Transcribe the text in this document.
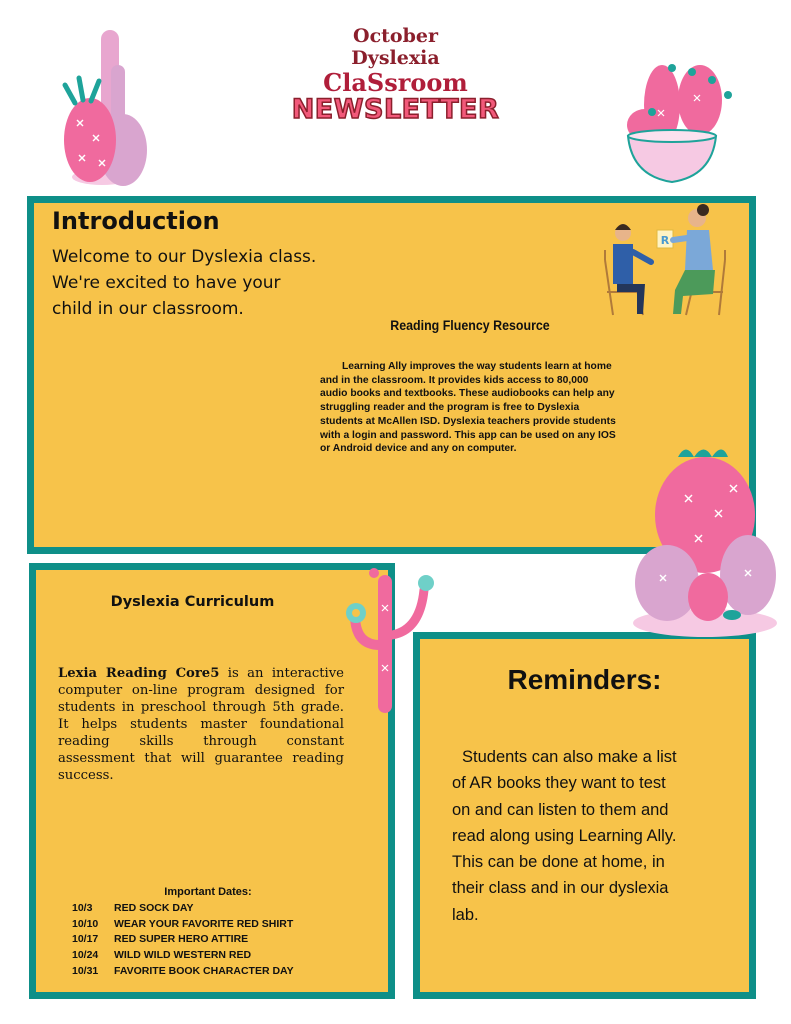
October
Dyslexia
ClaSsroom
NEWSLETTER
Introduction
Welcome to our Dyslexia class. We're excited to have your child in our classroom.
R
Reading Fluency Resource
Learning Ally improves the way students learn at home and in the classroom. It provides kids access to 80,000 audio books and textbooks. These audiobooks can help any struggling reader and the program is free to Dyslexia students at McAllen ISD. Dyslexia teachers provide students with a login and password. This app can be used on any IOS or Android device and any on computer.
Dyslexia Curriculum
Lexia Reading Core5 is an interactive computer on-line program designed for students in preschool through 5th grade. It helps students master foundational reading skills through constant assessment that will guarantee reading success.
Important Dates:
10/3 RED SOCK DAY
10/10 WEAR YOUR FAVORITE RED SHIRT
10/17 RED SUPER HERO ATTIRE
10/24 WILD WILD WESTERN RED
10/31 FAVORITE BOOK CHARACTER DAY
Reminders:
Students can also make a list of AR books they want to test on and can listen to them and read along using Learning Ally. This can be done at home, in their class and in our dyslexia lab.
